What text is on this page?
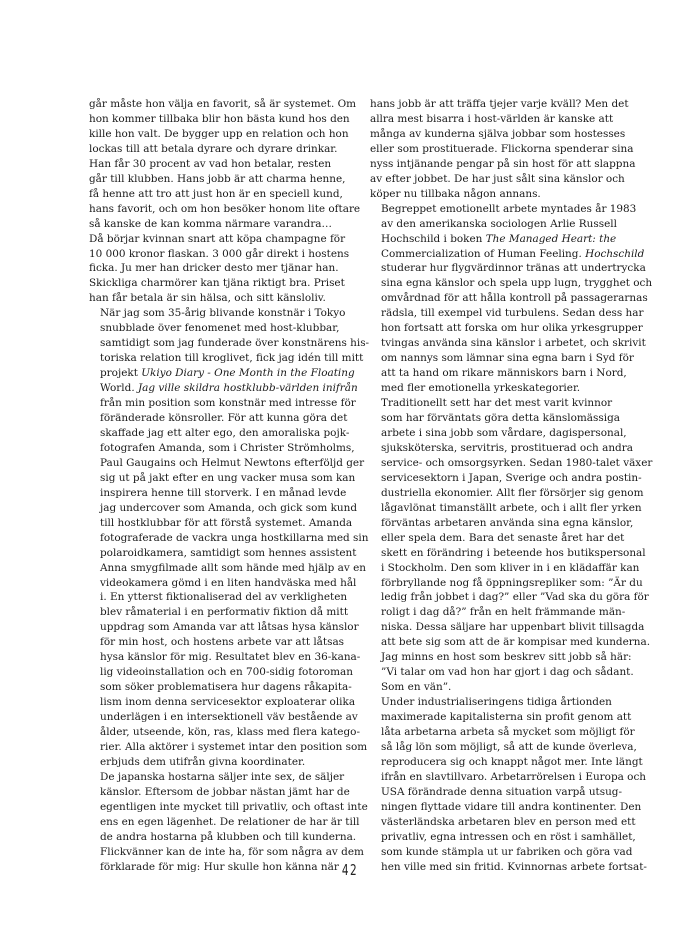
går måste hon välja en favorit, så är systemet. Om
hon kommer tillbaka blir hon bästa kund hos den
kille hon valt. De bygger upp en relation och hon
lockas till att betala dyrare och dyrare drinkar.
Han får 30 procent av vad hon betalar, resten
går till klubben. Hans jobb är att charma henne,
få henne att tro att just hon är en speciell kund,
hans favorit, och om hon besöker honom lite oftare
så kanske de kan komma närmare varandra…
Då börjar kvinnan snart att köpa champagne för
10 000 kronor flaskan. 3 000 går direkt i hostens
ficka. Ju mer han dricker desto mer tjänar han.
Skickliga charmörer kan tjäna riktigt bra. Priset
han får betala är sin hälsa, och sitt känsloliv.

När jag som 35-årig blivande konstnär i Tokyo
snubblade över fenomenet med host-klubbar,
samtidigt som jag funderade över konstnärens his-
toriska relation till kroglivet, fick jag idén till mitt
projekt Ukiyo Diary - One Month in the Floating
World. Jag ville skildra hostklubb-världen inifrån
från min position som konstnär med intresse för
föränderade könsroller. För att kunna göra det
skaffade jag ett alter ego, den amoraliska pojk-
fotografen Amanda, som i Christer Strömholms,
Paul Gaugains och Helmut Newtons efterföljd ger
sig ut på jakt efter en ung vacker musa som kan
inspirera henne till storverk. I en månad levde
jag undercover som Amanda, och gick som kund
till hostklubbar för att förstå systemet. Amanda
fotograferade de vackra unga hostkillarna med sin
polaroidkamera, samtidigt som hennes assistent
Anna smygfilmade allt som hände med hjälp av en
videokamera gömd i en liten handväska med hål
i. En ytterst fiktionaliserad del av verkligheten
blev råmaterial i en performativ fiktion då mitt
uppdrag som Amanda var att låtsas hysa känslor
för min host, och hostens arbete var att låtsas
hysa känslor för mig. Resultatet blev en 36-kana-
lig videoinstallation och en 700-sidig fotoroman
som söker problematisera hur dagens råkapita-
lism inom denna servicesektor exploaterar olika
underlägen i en intersektionell väv bestående av
ålder, utseende, kön, ras, klass med flera katego-
rier. Alla aktörer i systemet intar den position som
erbjuds dem utifrån givna koordinater.

De japanska hostarna säljer inte sex, de säljer
känslor. Eftersom de jobbar nästan jämt har de
egentligen inte mycket till privatliv, och oftast inte
ens en egen lägenhet. De relationer de har är till
de andra hostarna på klubben och till kunderna.
Flickvänner kan de inte ha, för som några av dem
förklarade för mig: Hur skulle hon känna när

hans jobb är att träffa tjejer varje kväll? Men det
allra mest bisarra i host-världen är kanske att
många av kunderna själva jobbar som hostesses
eller som prostituerade. Flickorna spenderar sina
nyss intjänande pengar på sin host för att slappna
av efter jobbet. De har just sålt sina känslor och
köper nu tillbaka någon annans.

Begreppet emotionellt arbete myntades år 1983
av den amerikanska sociologen Arlie Russell
Hochschild i boken The Managed Heart: the
Commercialization of Human Feeling. Hochschild
studerar hur flygvärdinnor tränas att undertrycka
sina egna känslor och spela upp lugn, trygghet och
omvårdnad för att hålla kontroll på passagerarnas
rädsla, till exempel vid turbulens. Sedan dess har
hon fortsatt att forska om hur olika yrkesgrupper
tvingas använda sina känslor i arbetet, och skrivit
om nannys som lämnar sina egna barn i Syd för
att ta hand om rikare människors barn i Nord,
med fler emotionella yrkeskategorier.

Traditionellt sett har det mest varit kvinnor
som har förväntats göra detta känslomässiga
arbete i sina jobb som vårdare, dagispersonal,
sjuksköterska, servitris, prostituerad och andra
service- och omsorgsyrken. Sedan 1980-talet växer
servicesektorn i Japan, Sverige och andra postin-
dustriella ekonomier. Allt fler försörjer sig genom
lågavlönat timanställt arbete, och i allt fler yrken
förväntas arbetaren använda sina egna känslor,
eller spela dem. Bara det senaste året har det
skett en förändring i beteende hos butikspersonal
i Stockholm. Den som kliver in i en klädaffär kan
förbryllande nog få öppningsrepliker som: ”Är du
ledig från jobbet i dag?” eller ”Vad ska du göra för
roligt i dag då?” från en helt främmande män-
niska. Dessa säljare har uppenbart blivit tillsagda
att bete sig som att de är kompisar med kunderna.
Jag minns en host som beskrev sitt jobb så här:
”Vi talar om vad hon har gjort i dag och sådant.
Som en vän”.

Under industrialiseringens tidiga årtionden
maximerade kapitalisterna sin profit genom att
låta arbetarna arbeta så mycket som möjligt för
så låg lön som möjligt, så att de kunde överleva,
reproducera sig och knappt något mer. Inte längt
ifrån en slavtillvaro. Arbetarrörelsen i Europa och
USA förändrade denna situation varpå utsug-
ningen flyttade vidare till andra kontinenter. Den
västerländska arbetaren blev en person med ett
privatliv, egna intressen och en röst i samhället,
som kunde stämpla ut ur fabriken och göra vad
hen ville med sin fritid. Kvinnornas arbete fortsat-

42
